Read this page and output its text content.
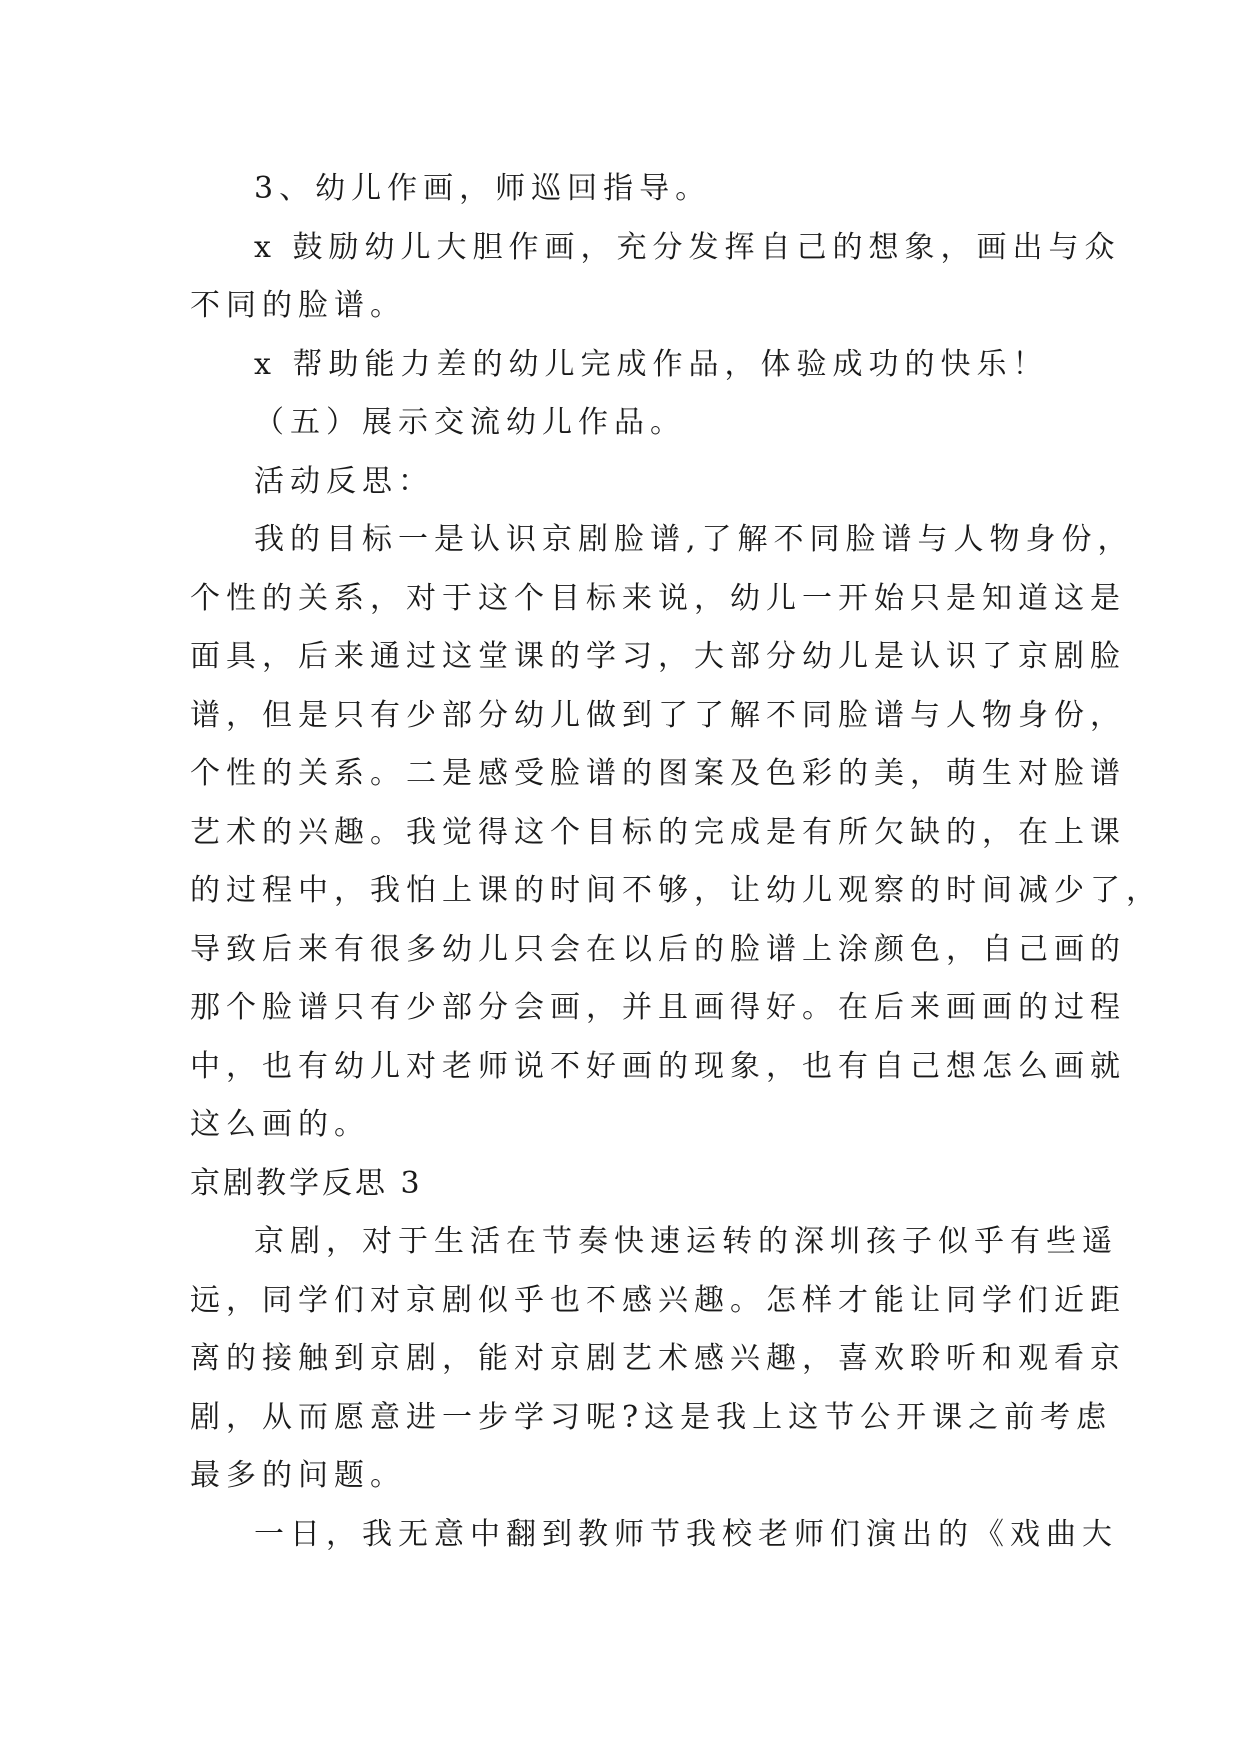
3、幼儿作画，师巡回指导。
x 鼓励幼儿大胆作画，充分发挥自己的想象，画出与众
不同的脸谱。
x 帮助能力差的幼儿完成作品，体验成功的快乐！
（五）展示交流幼儿作品。
活动反思：
我的目标一是认识京剧脸谱,了解不同脸谱与人物身份，
个性的关系，对于这个目标来说，幼儿一开始只是知道这是
面具，后来通过这堂课的学习，大部分幼儿是认识了京剧脸
谱，但是只有少部分幼儿做到了了解不同脸谱与人物身份，
个性的关系。二是感受脸谱的图案及色彩的美，萌生对脸谱
艺术的兴趣。我觉得这个目标的完成是有所欠缺的，在上课
的过程中，我怕上课的时间不够，让幼儿观察的时间减少了，
导致后来有很多幼儿只会在以后的脸谱上涂颜色，自己画的
那个脸谱只有少部分会画，并且画得好。在后来画画的过程
中，也有幼儿对老师说不好画的现象，也有自己想怎么画就
这么画的。
京剧教学反思 3
京剧，对于生活在节奏快速运转的深圳孩子似乎有些遥
远，同学们对京剧似乎也不感兴趣。怎样才能让同学们近距
离的接触到京剧，能对京剧艺术感兴趣，喜欢聆听和观看京
剧，从而愿意进一步学习呢?这是我上这节公开课之前考虑
最多的问题。
一日，我无意中翻到教师节我校老师们演出的《戏曲大
